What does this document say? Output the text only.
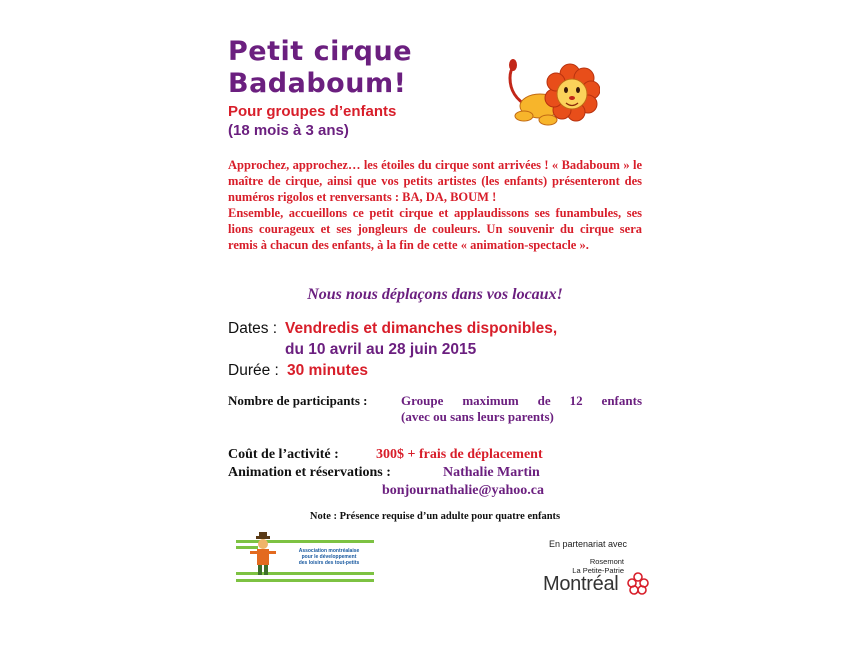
Petit cirque
Badaboum!
Pour groupes d’enfants
(18 mois à 3 ans)

Approchez, approchez… les étoiles du cirque sont arrivées ! « Badaboum » le maître de cirque, ainsi que vos petits artistes (les enfants) présenteront des numéros rigolos et renversants : BA, DA, BOUM !

Ensemble, accueillons ce petit cirque et applaudissons ses funambules, ses lions courageux et ses jongleurs de couleurs. Un souvenir du cirque sera remis à chacun des enfants, à la fin de cette « animation-spectacle ».

Nous nous déplaçons dans vos locaux!
Dates : Vendredis et dimanches disponibles,
du 10 avril au 28 juin 2015
Durée : 30 minutes
Nombre de participants :	Groupe maximum de 12 enfants
(avec ou sans leurs parents)
Coût de l’activité :	300$ + frais de déplacement
Animation et réservations :	Nathalie Martin
bonjournathalie@yahoo.ca
Note : Présence requise d’un adulte pour quatre enfants
Association montréalaise
pour le développement
des loisirs des tout-petits
En partenariat avec
Rosemont
La Petite-Patrie
Montréal
